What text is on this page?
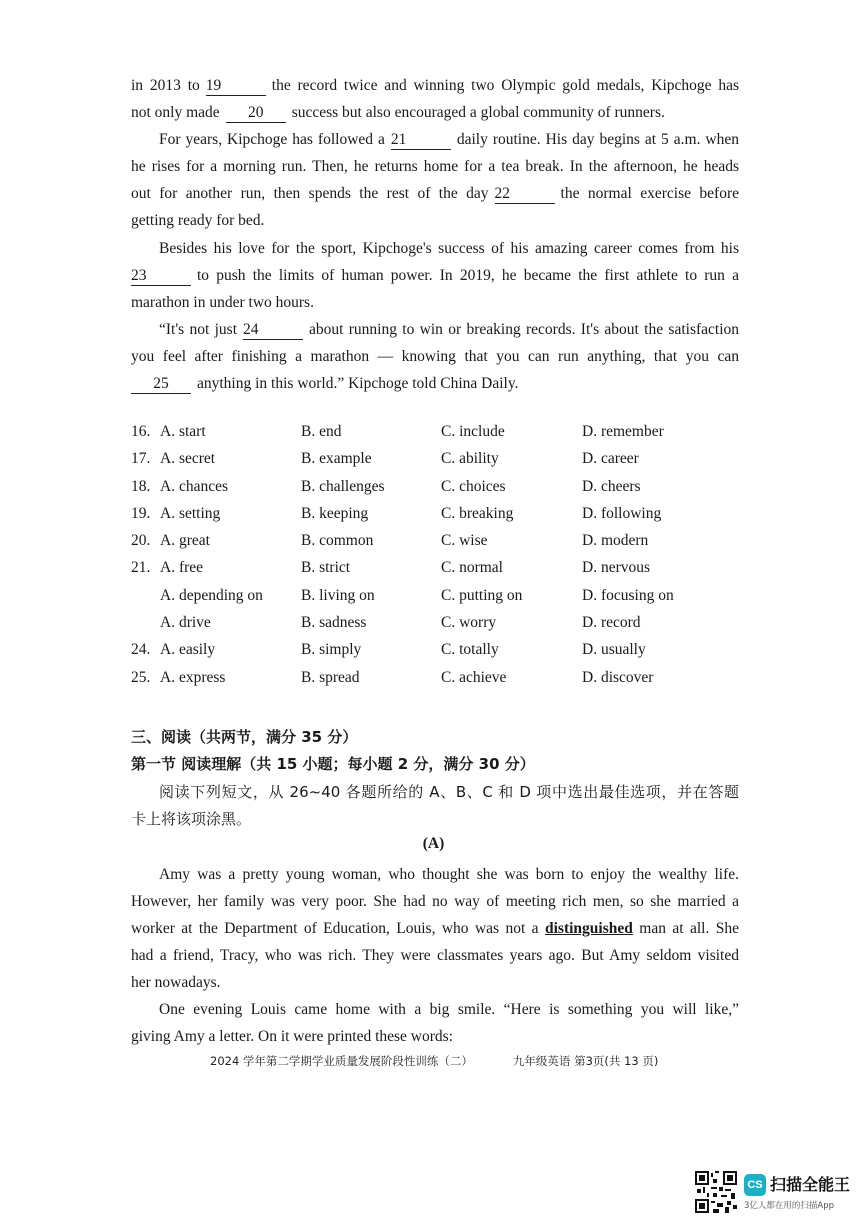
in 2013 to 19	the record twice and winning two Olympic gold medals, Kipchoge has
not only made 20 success but also encouraged a global community of runners.
For years, Kipchoge has followed a 21	daily routine. His day begins at 5 a.m. when
he rises for a morning run. Then, he returns home for a tea break. In the afternoon, he heads
out for another run, then spends the rest of the day 22	the normal exercise before
getting ready for bed.
Besides his love for the sport, Kipchoge's success of his amazing career comes from his
23	to push the limits of human power. In 2019, he became the first athlete to run a
marathon in under two hours.
“It's not just 24	about running to win or breaking records. It's about the satisfaction
you feel after finishing a marathon — knowing that you can run anything, that you can
25 anything in this world.” Kipchoge told China Daily.
16. A. start	B. end	C. include	D. remember
17. A. secret	B. example	C. ability	D. career
18. A. chances	B. challenges	C. choices	D. cheers
19. A. setting	B. keeping	C. breaking	D. following
20. A. great	B. common	C. wise	D. modern
21. A. free	B. strict	C. normal	D. nervous
A. depending on B. living on	C. putting on	D. focusing on
A. drive	B. sadness	C. worry	D. record
24. A. easily	B. simply	C. totally	D. usually
25. A. express	B. spread	C. achieve	D. discover
三、阅读（共两节，满分 35 分）
第一节 阅读理解（共 15 小题；每小题 2 分，满分 30 分）
阅读下列短文，从 26~40 各题所给的 A、B、C 和 D 项中选出最佳选项，并在答题
卡上将该项涂黑。
(A)
Amy was a pretty young woman, who thought she was born to enjoy the wealthy life.
However, her family was very poor. She had no way of meeting rich men, so she married a
worker at the Department of Education, Louis, who was not a distinguished man at all. She
had a friend, Tracy, who was rich. They were classmates years ago. But Amy seldom visited
her nowadays.
One evening Louis came home with a big smile. “Here is something you will like,”
giving Amy a letter. On it were printed these words:
2024 学年第二学期学业质量发展阶段性训练（二）	九年级英语 第3页(共 13 页)
CS 扫描全能王
3亿人都在用的扫描App
